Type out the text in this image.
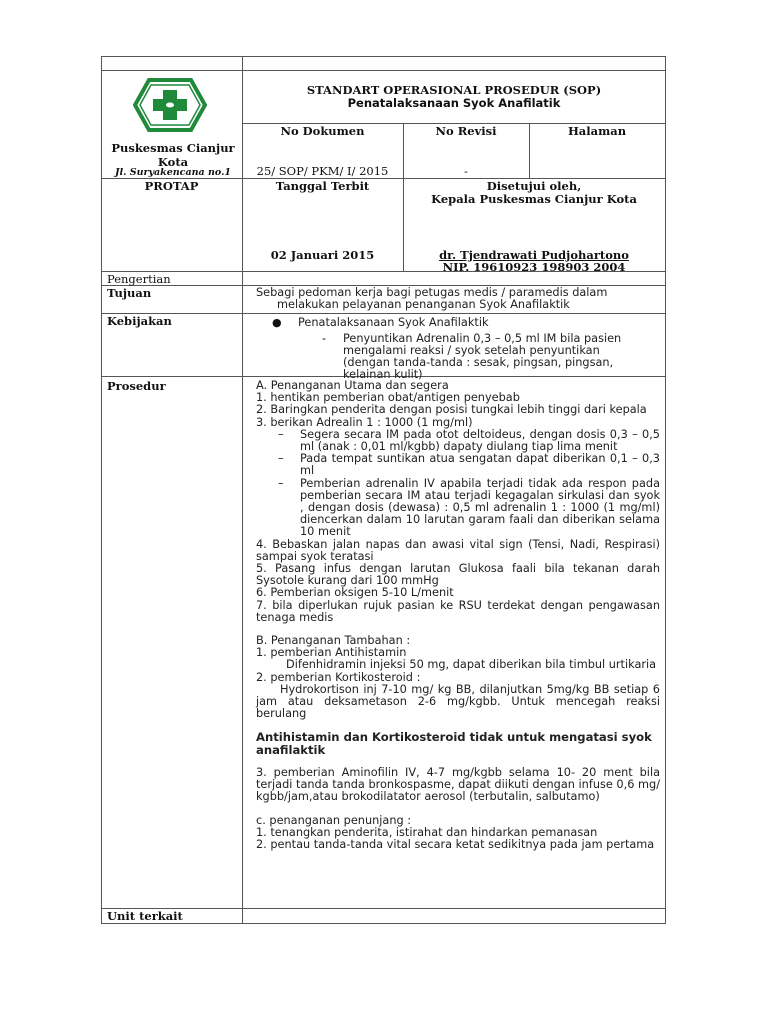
Puskesmas Cianjur Kota
Jl. Suryakencana no.1
STANDART OPERASIONAL PROSEDUR (SOP)
Penatalaksanaan Syok Anafilatik
No Dokumen
25/ SOP/ PKM/ I/ 2015
No Revisi
-
Halaman
PROTAP	Tanggal Terbit
02 Januari 2015
Disetujui oleh,
Kepala Puskesmas Cianjur Kota
dr. Tjendrawati Pudjohartono
NIP. 19610923 198903 2004
Pengertian
Tujuan
Kebijakan
Prosedur
Unit terkait
Sebagi pedoman kerja bagi petugas medis / paramedis dalam
melakukan pelayanan penanganan Syok Anafilaktik
● Penatalaksanaan Syok Anafilaktik
- Penyuntikan Adrenalin 0,3 – 0,5 ml IM bila pasien
mengalami reaksi / syok setelah penyuntikan
(dengan tanda-tanda : sesak, pingsan, pingsan,
kelainan kulit)

A. Penanganan Utama dan segera

1. hentikan pemberian obat/antigen penyebab

2. Baringkan penderita dengan posisi tungkai lebih tinggi dari kepala

3. berikan Adrealin 1 : 1000 (1 mg/ml)

– Segera secara IM pada otot deltoideus, dengan dosis 0,3 – 0,5 ml (anak : 0,01 ml/kgbb) dapaty diulang tiap lima menit

– Pada tempat suntikan atua sengatan dapat diberikan 0,1 – 0,3 ml

– Pemberian adrenalin IV apabila terjadi tidak ada respon pada pemberian secara IM atau terjadi kegagalan sirkulasi dan syok , dengan dosis (dewasa) : 0,5 ml adrenalin 1 : 1000 (1 mg/ml) diencerkan dalam 10 larutan garam faali dan diberikan selama 10 menit

4. Bebaskan jalan napas dan awasi vital sign (Tensi, Nadi, Respirasi) sampai syok teratasi

5. Pasang infus dengan larutan Glukosa faali bila tekanan darah Sysotole kurang dari 100 mmHg

6. Pemberian oksigen 5-10 L/menit

7. bila diperlukan rujuk pasian ke RSU terdekat dengan pengawasan tenaga medis

B. Penanganan Tambahan :

1. pemberian Antihistamin

Difenhidramin injeksi 50 mg, dapat diberikan bila timbul urtikaria

2. pemberian Kortikosteroid :

Hydrokortison inj 7-10 mg/ kg BB, dilanjutkan 5mg/kg BB setiap 6 jam atau deksametason 2-6 mg/kgbb. Untuk mencegah reaksi berulang

Antihistamin dan Kortikosteroid tidak untuk mengatasi syok anafilaktik

3. pemberian Aminofilin IV, 4-7 mg/kgbb selama 10- 20 ment bila terjadi tanda tanda bronkospasme, dapat diikuti dengan infuse 0,6 mg/ kgbb/jam,atau brokodilatator aerosol (terbutalin, salbutamo)

c. penanganan penunjang :

1. tenangkan penderita, istirahat dan hindarkan pemanasan

2. pentau tanda-tanda vital secara ketat sedikitnya pada jam pertama
